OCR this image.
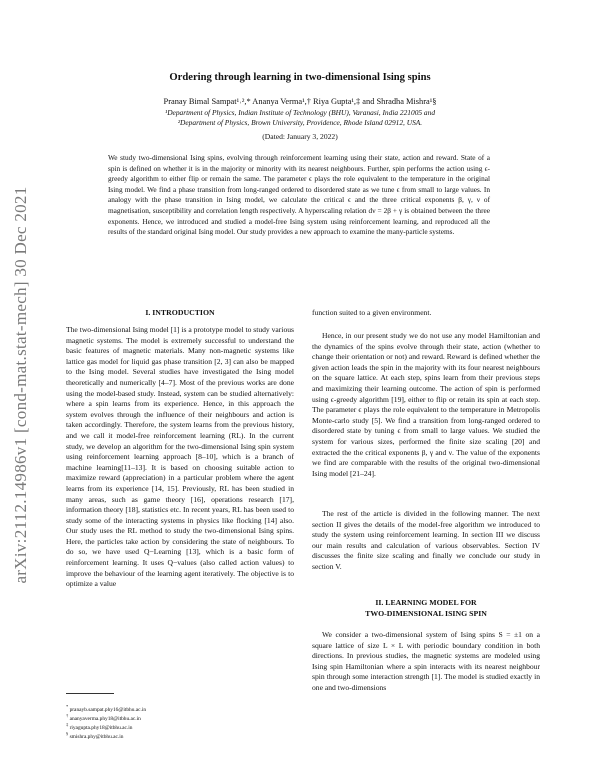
arXiv:2112.14986v1 [cond-mat.stat-mech] 30 Dec 2021
Ordering through learning in two-dimensional Ising spins
Pranay Bimal Sampat¹˒²,* Ananya Verma¹,† Riya Gupta¹,‡ and Shradha Mishra¹§
¹Department of Physics, Indian Institute of Technology (BHU), Varanasi, India 221005 and
²Department of Physics, Brown University, Providence, Rhode Island 02912, USA.
(Dated: January 3, 2022)

We study two-dimensional Ising spins, evolving through reinforcement learning using their state, action and reward. State of a spin is defined on whether it is in the majority or minority with its nearest neighbours. Further, spin performs the action using ϵ-greedy algorithm to either flip or remain the same. The parameter ϵ plays the role equivalent to the temperature in the original Ising model. We find a phase transition from long-ranged ordered to disordered state as we tune ϵ from small to large values. In analogy with the phase transition in Ising model, we calculate the critical ϵ and the three critical exponents β, γ, ν of magnetisation, susceptibility and correlation length respectively. A hyperscaling relation dν = 2β + γ is obtained between the three exponents. Hence, we introduced and studied a model-free Ising system using reinforcement learning, and reproduced all the results of the standard original Ising model. Our study provides a new approach to examine the many-particle systems.

I. INTRODUCTION

The two-dimensional Ising model [1] is a prototype model to study various magnetic systems. The model is extremely successful to understand the basic features of magnetic materials. Many non-magnetic systems like lattice gas model for liquid gas phase transition [2, 3] can also be mapped to the Ising model. Several studies have investigated the Ising model theoretically and numerically [4–7]. Most of the previous works are done using the model-based study. Instead, system can be studied alternatively: where a spin learns from its experience. Hence, in this approach the system evolves through the influence of their neighbours and action is taken accordingly. Therefore, the system learns from the previous history, and we call it model-free reinforcement learning (RL). In the current study, we develop an algorithm for the two-dimensional Ising spin system using reinforcement learning approach [8–10], which is a branch of machine learning[11–13]. It is based on choosing suitable action to maximize reward (appreciation) in a particular problem where the agent learns from its experience [14, 15]. Previously, RL has been studied in many areas, such as game theory [16], operations research [17], information theory [18], statistics etc. In recent years, RL has been used to study some of the interacting systems in physics like flocking [14] also. Our study uses the RL method to study the two-dimensional Ising spins. Here, the particles take action by considering the state of neighbours. To do so, we have used Q−Learning [13], which is a basic form of reinforcement learning. It uses Q−values (also called action values) to improve the behaviour of the learning agent iteratively. The objective is to optimize a value

function suited to a given environment.

Hence, in our present study we do not use any model Hamiltonian and the dynamics of the spins evolve through their state, action (whether to change their orientation or not) and reward. Reward is defined whether the given action leads the spin in the majority with its four nearest neighbours on the square lattice. At each step, spins learn from their previous steps and maximizing their learning outcome. The action of spin is performed using ϵ-greedy algorithm [19], either to flip or retain its spin at each step. The parameter ϵ plays the role equivalent to the temperature in Metropolis Monte-carlo study [5]. We find a transition from long-ranged ordered to disordered state by tuning ϵ from small to large values. We studied the system for various sizes, performed the finite size scaling [20] and extracted the the critical exponents β, γ and ν. The value of the exponents we find are comparable with the results of the original two-dimensional Ising model [21–24].

The rest of the article is divided in the following manner. The next section II gives the details of the model-free algorithm we introduced to study the system using reinforcement learning. In section III we discuss our main results and calculation of various observables. Section IV discusses the finite size scaling and finally we conclude our study in section V.

II. LEARNING MODEL FOR
TWO-DIMENSIONAL ISING SPIN

We consider a two-dimensional system of Ising spins S = ±1 on a square lattice of size L × L with periodic boundary condition in both directions. In previous studies, the magnetic systems are modeled using Ising spin Hamiltonian where a spin interacts with its nearest neighbour spin through some interaction strength [1]. The model is studied exactly in one and two-dimensions

* pranayb.sampat.phy16@itbhu.ac.in
† ananyaverma.phy18@itbhu.ac.in
‡ riyagupta.phy18@itbhu.ac.in
§ smishra.phy@itbhu.ac.in
